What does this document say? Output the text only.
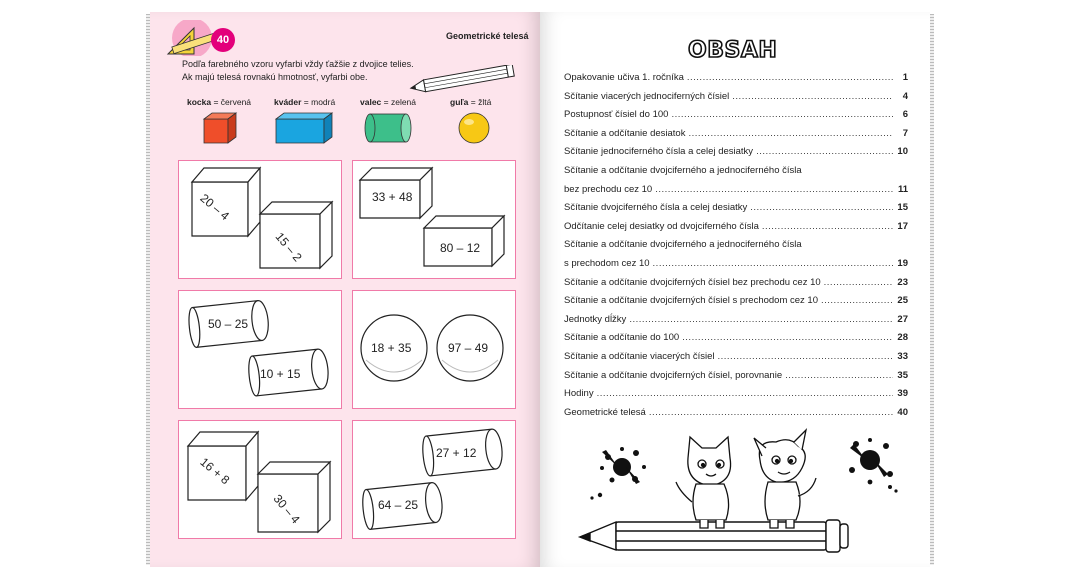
40	Geometrické telesá
Podľa farebného vzoru vyfarbi vždy ťažšie z dvojice telies.
Ak majú telesá rovnakú hmotnosť, vyfarbi obe.
kocka = červená	kváder = modrá	valec = zelená	guľa = žltá
20 – 4
15 – 2
33 + 48
80 – 12
50 – 25
10 + 15
18 + 35	97 – 49
16 + 8
30 – 4
27 + 12
64 – 25
OBSAH
Opakovanie učiva 1. ročníka .....	1
Sčítanie viacerých jednociferných čísiel .....	4
Postupnosť čísiel do 100 .....	6
Sčítanie a odčítanie desiatok .....	7
Sčítanie jednociferného čísla a celej desiatky .....	10
Sčítanie a odčítanie dvojciferného a jednociferného čísla
bez prechodu cez 10 .....	11
Sčítanie dvojciferného čísla a celej desiatky .....	15
Odčítanie celej desiatky od dvojciferného čísla .....	17
Sčítanie a odčítanie dvojciferného a jednociferného čísla
s prechodom cez 10 .....	19
Sčítanie a odčítanie dvojciferných čísiel bez prechodu cez 10 .....	23
Sčítanie a odčítanie dvojciferných čísiel s prechodom cez 10 .....	25
Jednotky dĺžky .....	27
Sčítanie a odčítanie do 100 .....	28
Sčítanie a odčítanie viacerých čísiel .....	33
Sčítanie a odčítanie dvojciferných čísiel, porovnanie .....	35
Hodiny .....	39
Geometrické telesá .....	40
